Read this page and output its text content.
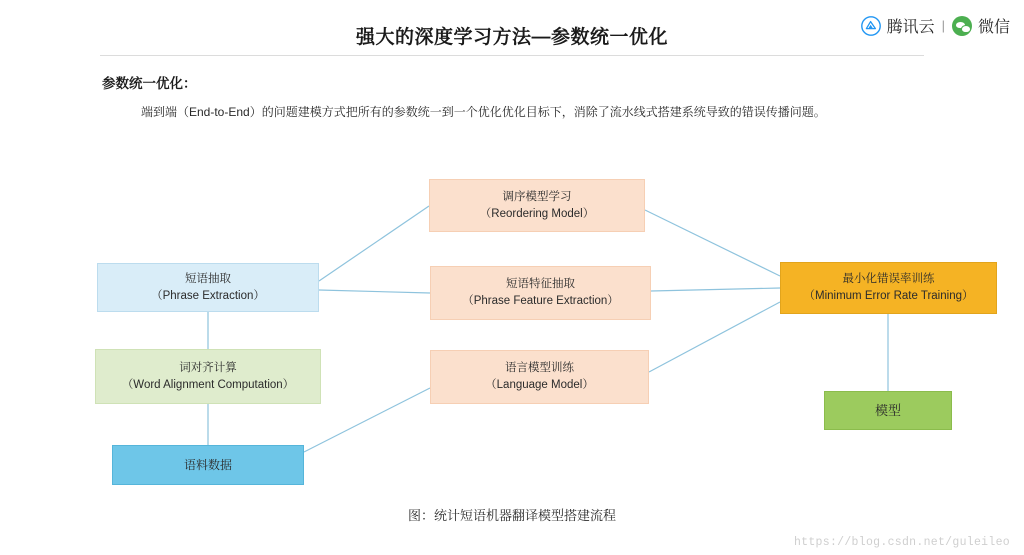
强大的深度学习方法—参数统一优化	腾讯云 | 微信
参数统一优化：
端到端（End-to-End）的问题建模方式把所有的参数统一到一个优化优化目标下，消除了流水线式搭建系统导致的错误传播问题。
短语抽取
（Phrase Extraction）
词对齐计算
（Word Alignment Computation）
语料数据
调序模型学习
（Reordering Model）
短语特征抽取
（Phrase Feature Extraction）
语言模型训练
（Language Model）
最小化错误率训练
（Minimum Error Rate Training）
模型
图：统计短语机器翻译模型搭建流程
https://blog.csdn.net/guleileo
